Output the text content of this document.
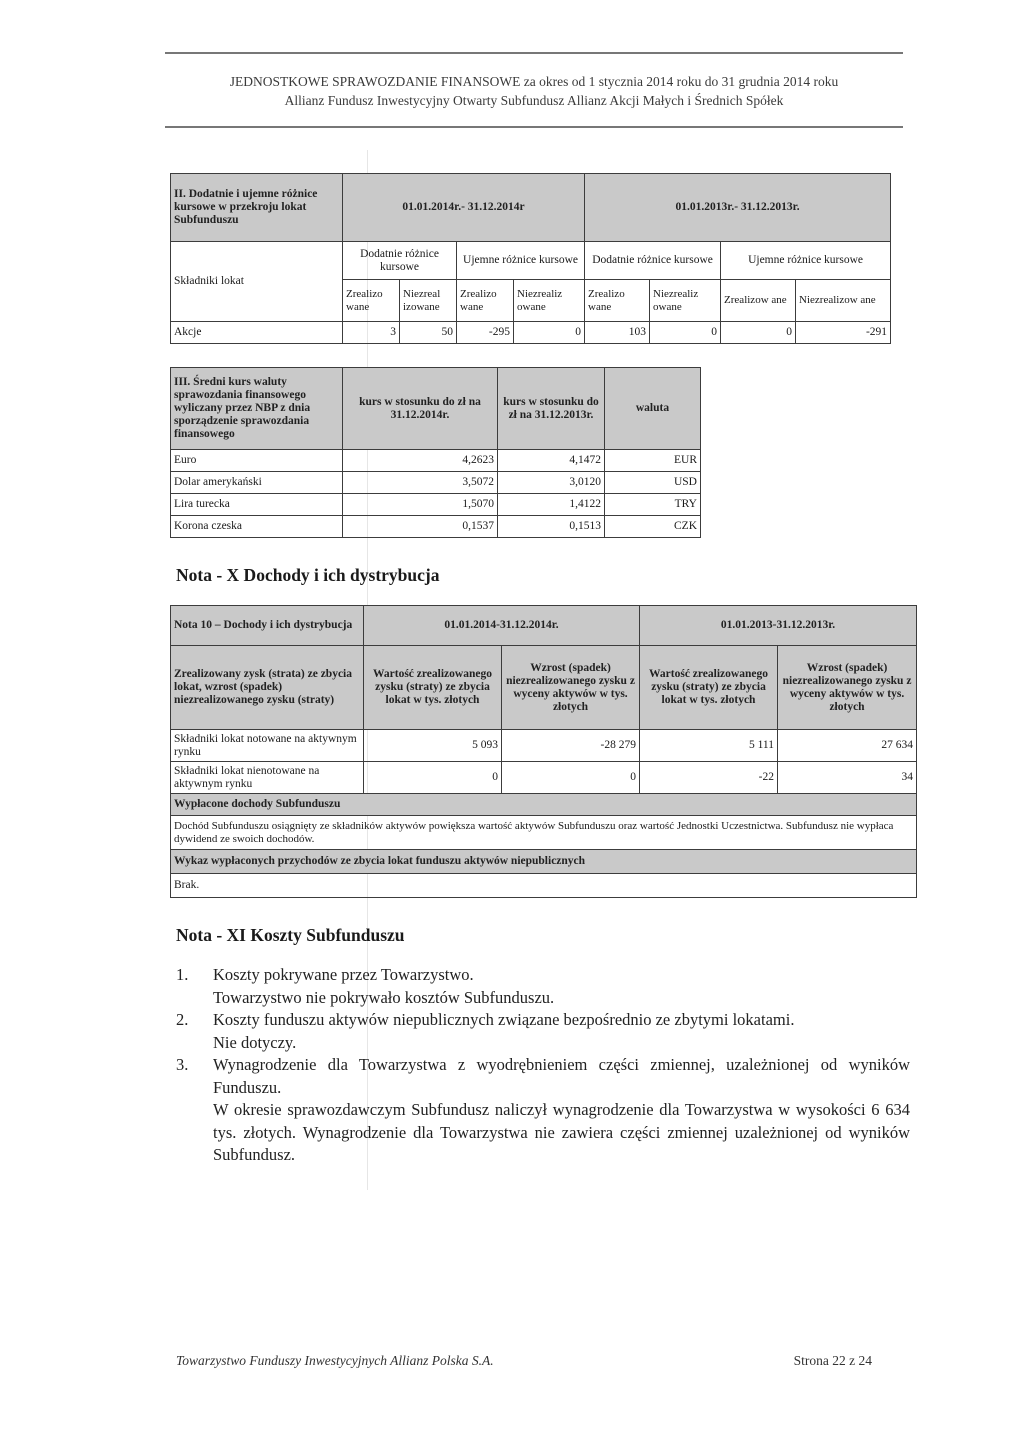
JEDNOSTKOWE SPRAWOZDANIE FINANSOWE za okres od 1 stycznia 2014 roku do 31 grudnia 2014 roku
Allianz Fundusz Inwestycyjny Otwarty Subfundusz Allianz Akcji Małych i Średnich Spółek
II. Dodatnie i ujemne różnice kursowe w przekroju lokat Subfunduszu	01.01.2014r.- 31.12.2014r				01.01.2013r.- 31.12.2013r.			
Składniki lokat	Dodatnie różnice kursowe		Ujemne różnice kursowe		Dodatnie różnice kursowe		Ujemne różnice kursowe	
	Zrealizo wane	Niezreal izowane	Zrealizo wane	Niezrealiz owane	Zrealizo wane	Niezrealiz owane	Zrealizow ane	Niezrealizow ane
Akcje	3	50	-295	0	103	0	0	-291
III. Średni kurs waluty sprawozdania finansowego wyliczany przez NBP z dnia sporządzenie sprawozdania finansowego	kurs w stosunku do zł na 31.12.2014r.	kurs w stosunku do zł na 31.12.2013r.	waluta
Euro	4,2623	4,1472	EUR
Dolar amerykański	3,5072	3,0120	USD
Lira turecka	1,5070	1,4122	TRY
Korona czeska	0,1537	0,1513	CZK
Nota - X Dochody i ich dystrybucja
Nota 10 – Dochody i ich dystrybucja	01.01.2014-31.12.2014r.		01.01.2013-31.12.2013r.	
Zrealizowany zysk (strata) ze zbycia lokat, wzrost (spadek) niezrealizowanego zysku (straty)	Wartość zrealizowanego zysku (straty) ze zbycia lokat w tys. złotych	Wzrost (spadek) niezrealizowanego zysku z wyceny aktywów w tys. złotych	Wartość zrealizowanego zysku (straty) ze zbycia lokat w tys. złotych	Wzrost (spadek) niezrealizowanego zysku z wyceny aktywów w tys. złotych
Składniki lokat notowane na aktywnym rynku	5 093	-28 279	5 111	27 634
Składniki lokat nienotowane na aktywnym rynku	0	0	-22	34
Wypłacone dochody Subfunduszu				
Dochód Subfunduszu osiągnięty ze składników aktywów powiększa wartość aktywów Subfunduszu oraz wartość Jednostki Uczestnictwa. Subfundusz nie wypłaca dywidend ze swoich dochodów.				
Wykaz wypłaconych przychodów ze zbycia lokat funduszu aktywów niepublicznych				
Brak.				
Nota - XI Koszty Subfunduszu
1. Koszty pokrywane przez Towarzystwo.
Towarzystwo nie pokrywało kosztów Subfunduszu.
2. Koszty funduszu aktywów niepublicznych związane bezpośrednio ze zbytymi lokatami.
Nie dotyczy.
3. Wynagrodzenie dla Towarzystwa z wyodrębnieniem części zmiennej, uzależnionej od wyników Funduszu.
W okresie sprawozdawczym Subfundusz naliczył wynagrodzenie dla Towarzystwa w wysokości 6 634 tys. złotych. Wynagrodzenie dla Towarzystwa nie zawiera części zmiennej uzależnionej od wyników Subfundusz.
Towarzystwo Funduszy Inwestycyjnych Allianz Polska S.A.	Strona 22 z 24
